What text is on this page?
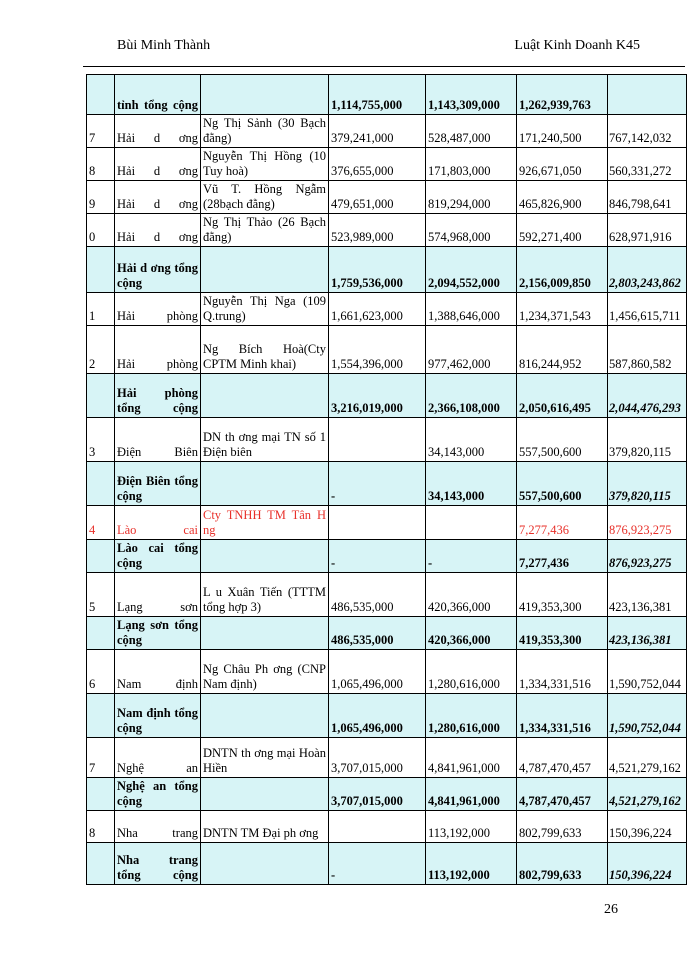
Bùi Minh Thành	Luật Kinh Doanh K45
	tỉnh tổng cộng		1,114,755,000	1,143,309,000	1,262,939,763	
7	Hải d ơng	Ng Thị Sảnh (30 Bạch đằng)	379,241,000	528,487,000	171,240,500	767,142,032
8	Hải d ơng	Nguyễn Thị Hồng (10 Tuy hoà)	376,655,000	171,803,000	926,671,050	560,331,272
9	Hải d ơng	Vũ T. Hồng Ngẫm (28bạch đằng)	479,651,000	819,294,000	465,826,900	846,798,641
0	Hải d ơng	Ng Thị Thảo (26 Bạch đằng)	523,989,000	574,968,000	592,271,400	628,971,916
	Hải d ơng tổng cộng		1,759,536,000	2,094,552,000	2,156,009,850	2,803,243,862
1	Hải phòng	Nguyễn Thị Nga (109 Q.trung)	1,661,623,000	1,388,646,000	1,234,371,543	1,456,615,711
2	Hải phòng	Ng Bích Hoà(Cty CPTM Minh khai)	1,554,396,000	977,462,000	816,244,952	587,860,582
	Hải phòng tổng cộng		3,216,019,000	2,366,108,000	2,050,616,495	2,044,476,293
3	Điện Biên	DN th ơng mại TN số 1 Điện biên		34,143,000	557,500,600	379,820,115
	Điện Biên tổng cộng		-	34,143,000	557,500,600	379,820,115
4	Lào cai	Cty TNHH TM Tân H ng			7,277,436	876,923,275
	Lào cai tổng cộng		-	-	7,277,436	876,923,275
5	Lạng sơn	L u Xuân Tiến (TTTM tổng hợp 3)	486,535,000	420,366,000	419,353,300	423,136,381
	Lạng sơn tổng cộng		486,535,000	420,366,000	419,353,300	423,136,381
6	Nam định	Ng Châu Ph ơng (CNP Nam định)	1,065,496,000	1,280,616,000	1,334,331,516	1,590,752,044
	Nam định tổng cộng		1,065,496,000	1,280,616,000	1,334,331,516	1,590,752,044
7	Nghệ an	DNTN th ơng mại Hoàn Hiền	3,707,015,000	4,841,961,000	4,787,470,457	4,521,279,162
	Nghệ an tổng cộng		3,707,015,000	4,841,961,000	4,787,470,457	4,521,279,162
8	Nha trang	DNTN TM Đại ph ơng		113,192,000	802,799,633	150,396,224
	Nha trang tổng cộng		-	113,192,000	802,799,633	150,396,224
26
